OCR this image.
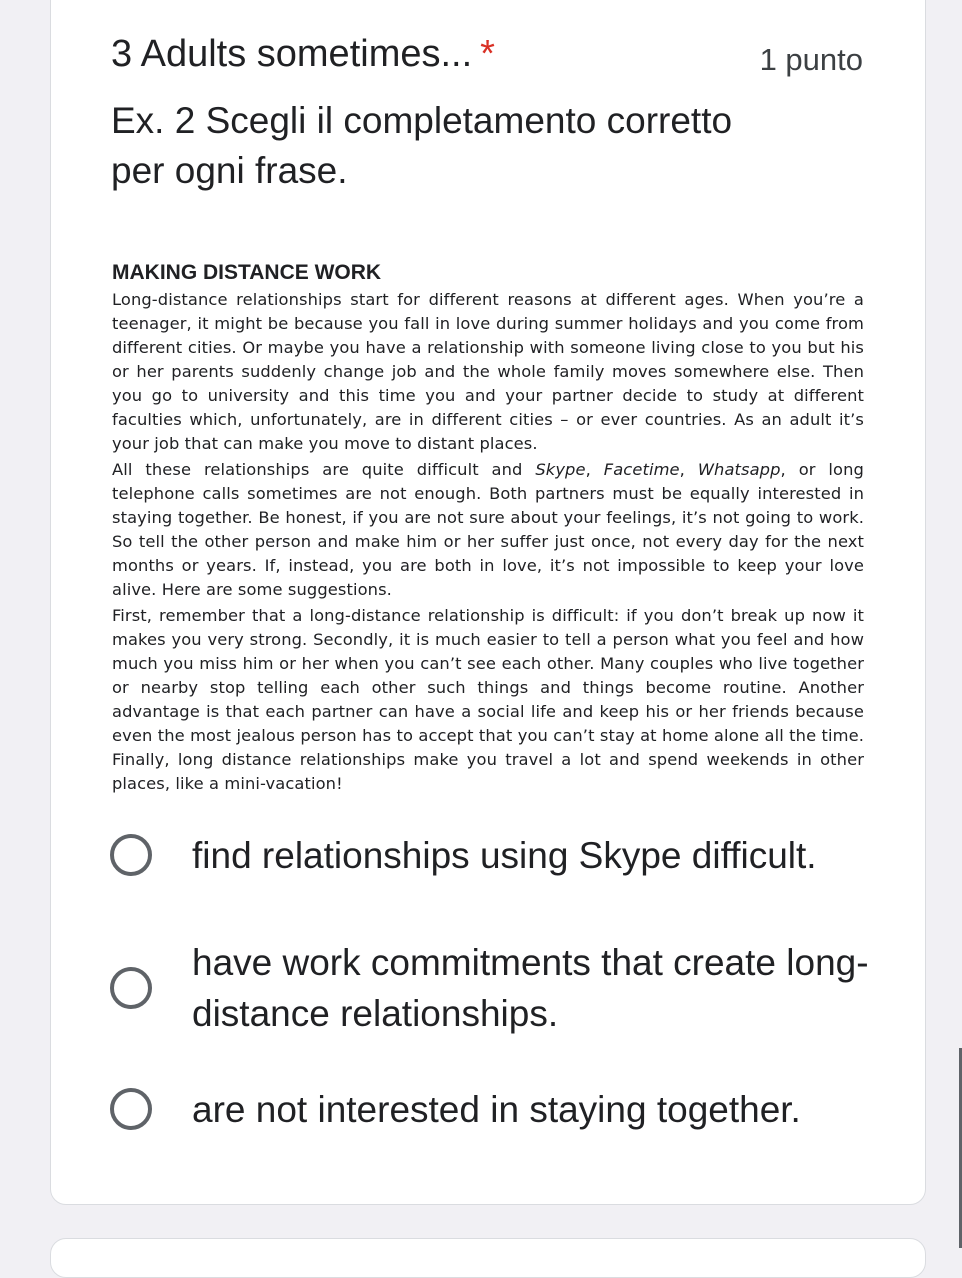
3 Adults sometimes... *	1 punto
Ex. 2 Scegli il completamento corretto per ogni frase.
MAKING DISTANCE WORK

Long-distance relationships start for different reasons at different ages. When you’re a teenager, it might be because you fall in love during summer holidays and you come from different cities. Or maybe you have a relationship with someone living close to you but his or her parents suddenly change job and the whole family moves somewhere else. Then you go to university and this time you and your partner decide to study at different faculties which, unfortunately, are in different cities – or ever countries. As an adult it’s your job that can make you move to distant places.

All these relationships are quite difficult and Skype, Facetime, Whatsapp, or long telephone calls sometimes are not enough. Both partners must be equally interested in staying together. Be honest, if you are not sure about your feelings, it’s not going to work. So tell the other person and make him or her suffer just once, not every day for the next months or years. If, instead, you are both in love, it’s not impossible to keep your love alive. Here are some suggestions.

First, remember that a long-distance relationship is difficult: if you don’t break up now it makes you very strong. Secondly, it is much easier to tell a person what you feel and how much you miss him or her when you can’t see each other. Many couples who live together or nearby stop telling each other such things and things become routine. Another advantage is that each partner can have a social life and keep his or her friends because even the most jealous person has to accept that you can’t stay at home alone all the time. Finally, long distance relationships make you travel a lot and spend weekends in other places, like a mini-vacation!

find relationships using Skype difficult.
have work commitments that create long-distance relationships.
are not interested in staying together.
